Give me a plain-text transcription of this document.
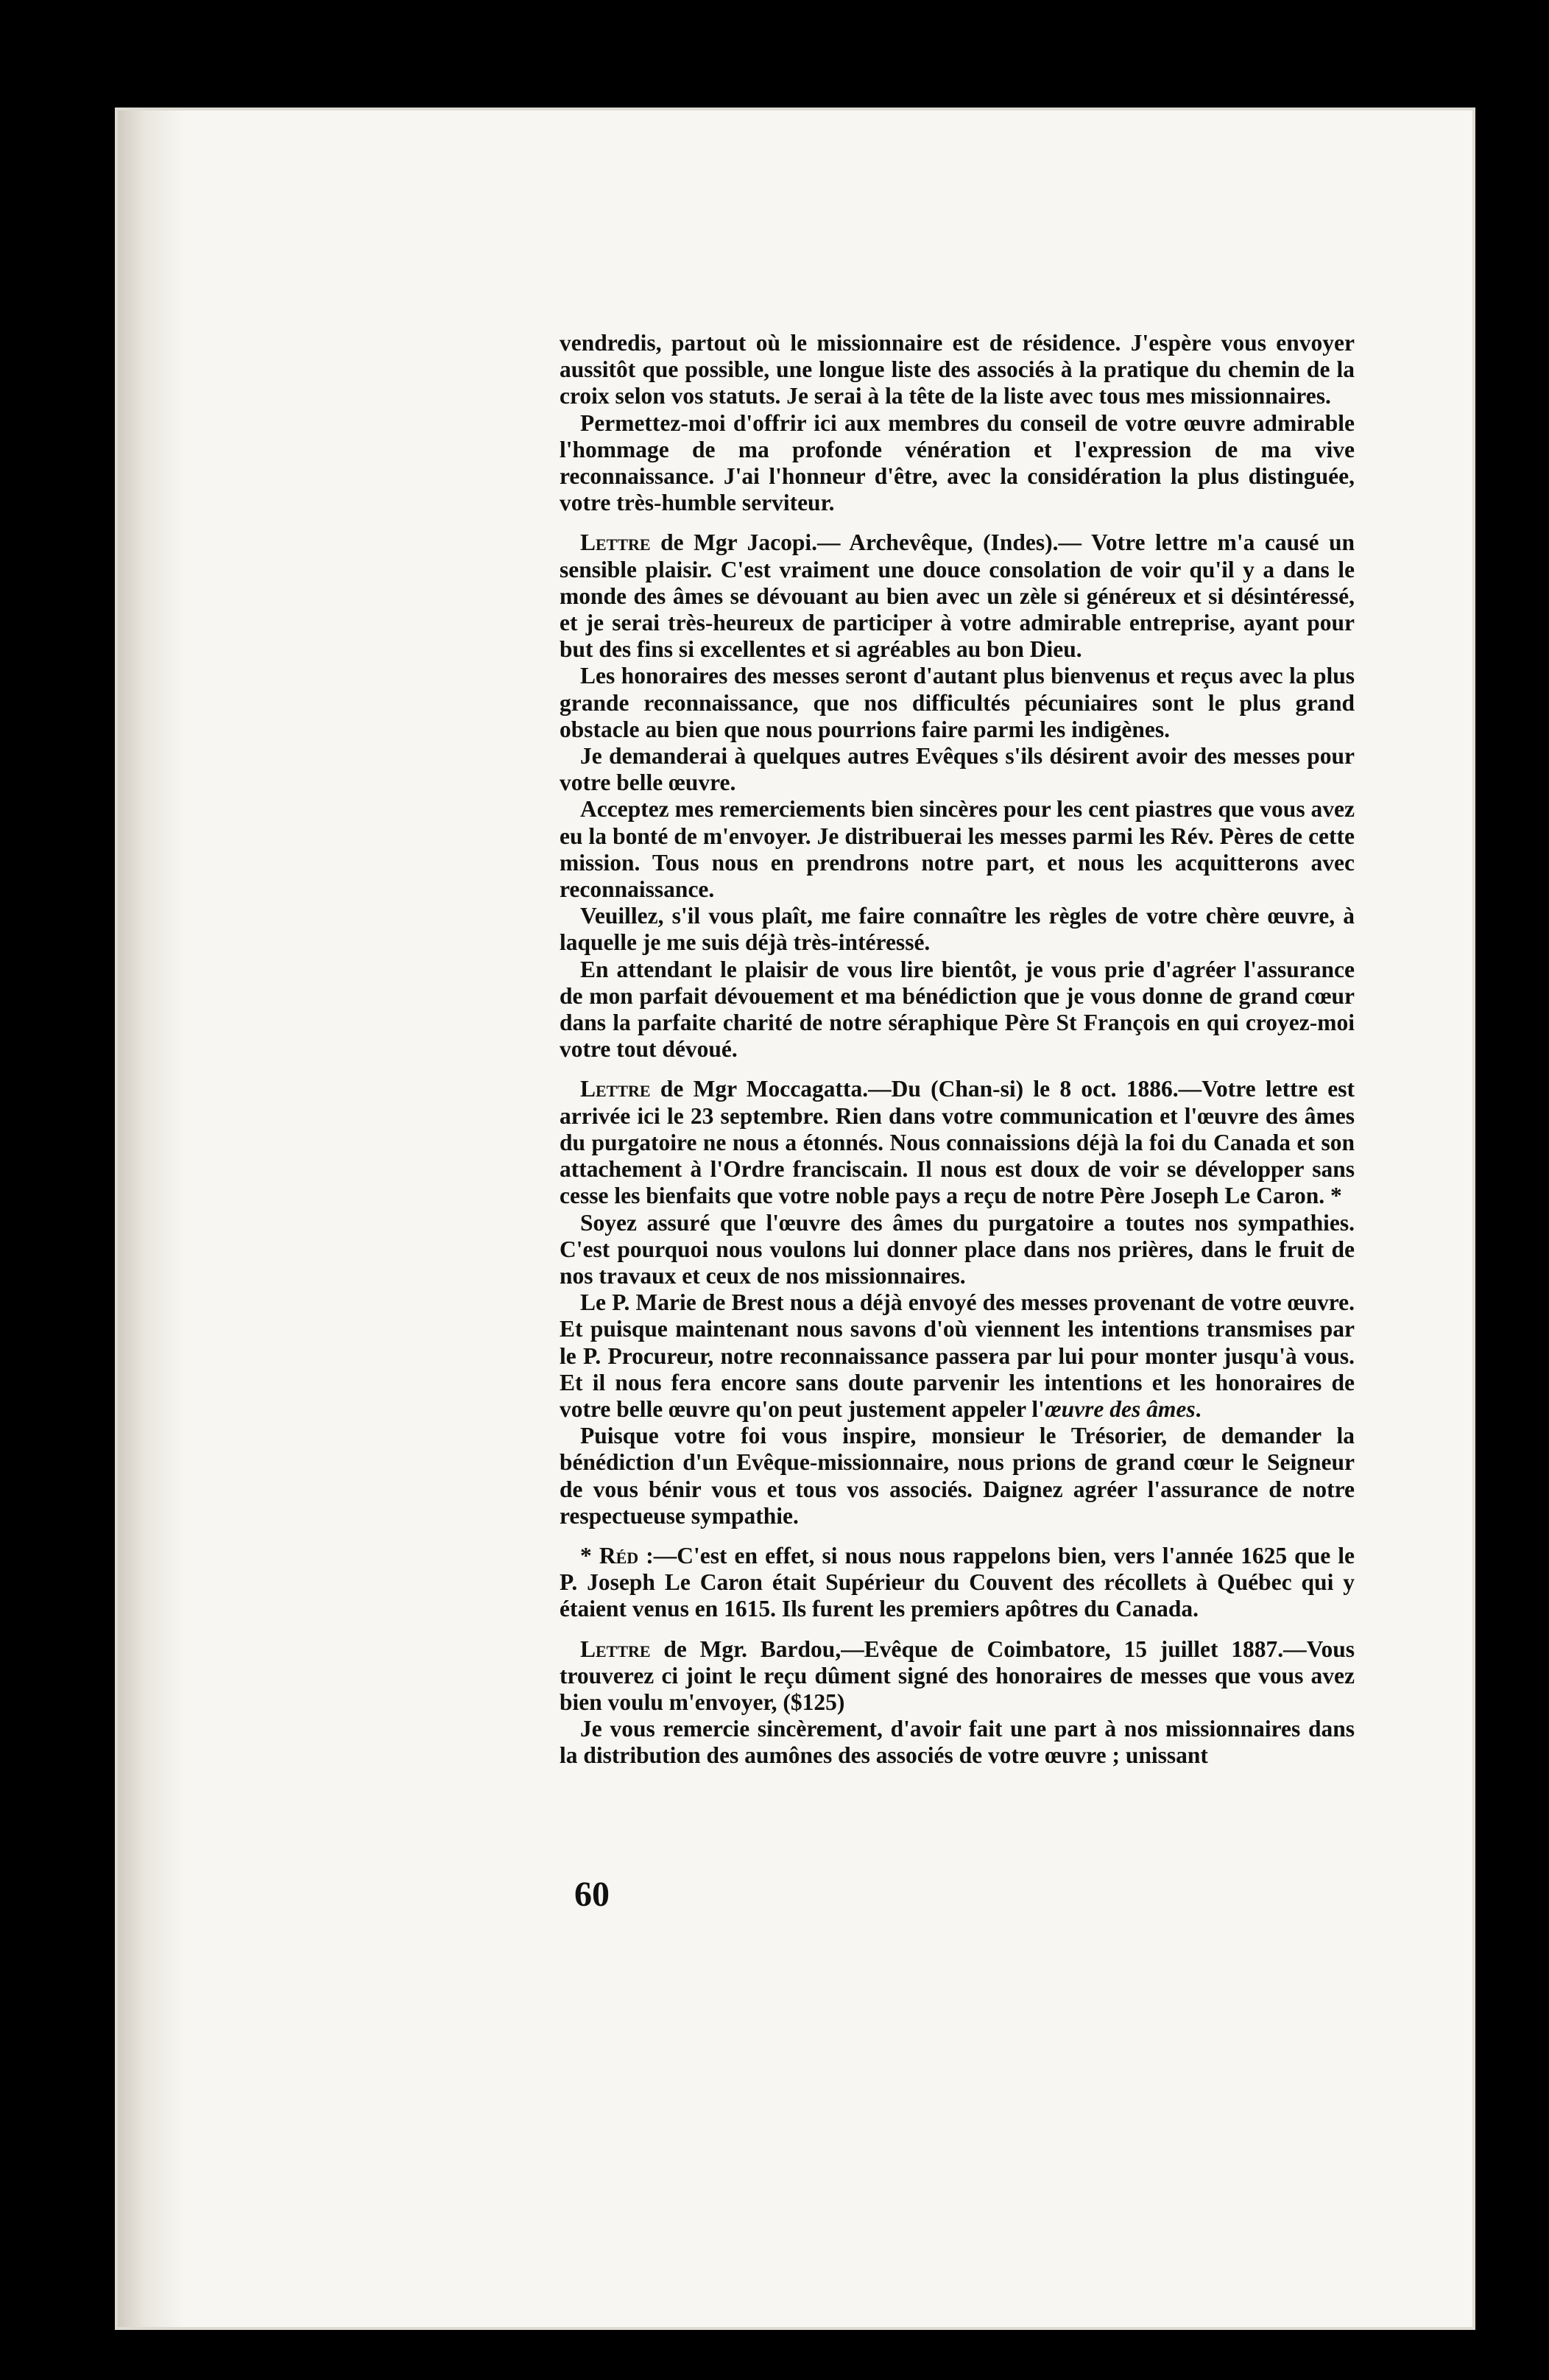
vendredis, partout où le missionnaire est de résidence. J'espère vous envoyer aussitôt que possible, une longue liste des associés à la pratique du chemin de la croix selon vos statuts. Je serai à la tête de la liste avec tous mes missionnaires.

Permettez-moi d'offrir ici aux membres du conseil de votre œuvre admirable l'hommage de ma profonde vénération et l'expression de ma vive reconnaissance. J'ai l'honneur d'être, avec la considération la plus distinguée, votre très-humble serviteur.

Lettre de Mgr Jacopi.— Archevêque, (Indes).— Votre lettre m'a causé un sensible plaisir. C'est vraiment une douce consolation de voir qu'il y a dans le monde des âmes se dévouant au bien avec un zèle si généreux et si désintéressé, et je serai très-heureux de participer à votre admirable entreprise, ayant pour but des fins si excellentes et si agréables au bon Dieu.

Les honoraires des messes seront d'autant plus bienvenus et reçus avec la plus grande reconnaissance, que nos difficultés pécuniaires sont le plus grand obstacle au bien que nous pourrions faire parmi les indigènes.

Je demanderai à quelques autres Evêques s'ils désirent avoir des messes pour votre belle œuvre.

Acceptez mes remerciements bien sincères pour les cent piastres que vous avez eu la bonté de m'envoyer. Je distribuerai les messes parmi les Rév. Pères de cette mission. Tous nous en prendrons notre part, et nous les acquitterons avec reconnaissance.

Veuillez, s'il vous plaît, me faire connaître les règles de votre chère œuvre, à laquelle je me suis déjà très-intéressé.

En attendant le plaisir de vous lire bientôt, je vous prie d'agréer l'assurance de mon parfait dévouement et ma bénédiction que je vous donne de grand cœur dans la parfaite charité de notre séraphique Père St François en qui croyez-moi votre tout dévoué.

Lettre de Mgr Moccagatta.—Du (Chan-si) le 8 oct. 1886.—Votre lettre est arrivée ici le 23 septembre. Rien dans votre communication et l'œuvre des âmes du purgatoire ne nous a étonnés. Nous connaissions déjà la foi du Canada et son attachement à l'Ordre franciscain. Il nous est doux de voir se développer sans cesse les bienfaits que votre noble pays a reçu de notre Père Joseph Le Caron. *

Soyez assuré que l'œuvre des âmes du purgatoire a toutes nos sympathies. C'est pourquoi nous voulons lui donner place dans nos prières, dans le fruit de nos travaux et ceux de nos missionnaires.

Le P. Marie de Brest nous a déjà envoyé des messes provenant de votre œuvre. Et puisque maintenant nous savons d'où viennent les intentions transmises par le P. Procureur, notre reconnaissance passera par lui pour monter jusqu'à vous. Et il nous fera encore sans doute parvenir les intentions et les honoraires de votre belle œuvre qu'on peut justement appeler l'œuvre des âmes.

Puisque votre foi vous inspire, monsieur le Trésorier, de demander la bénédiction d'un Evêque-missionnaire, nous prions de grand cœur le Seigneur de vous bénir vous et tous vos associés. Daignez agréer l'assurance de notre respectueuse sympathie.

* Réd :—C'est en effet, si nous nous rappelons bien, vers l'année 1625 que le P. Joseph Le Caron était Supérieur du Couvent des récollets à Québec qui y étaient venus en 1615. Ils furent les premiers apôtres du Canada.

Lettre de Mgr. Bardou,—Evêque de Coimbatore, 15 juillet 1887.—Vous trouverez ci joint le reçu dûment signé des honoraires de messes que vous avez bien voulu m'envoyer, ($125)

Je vous remercie sincèrement, d'avoir fait une part à nos missionnaires dans la distribution des aumônes des associés de votre œuvre ; unissant

60
